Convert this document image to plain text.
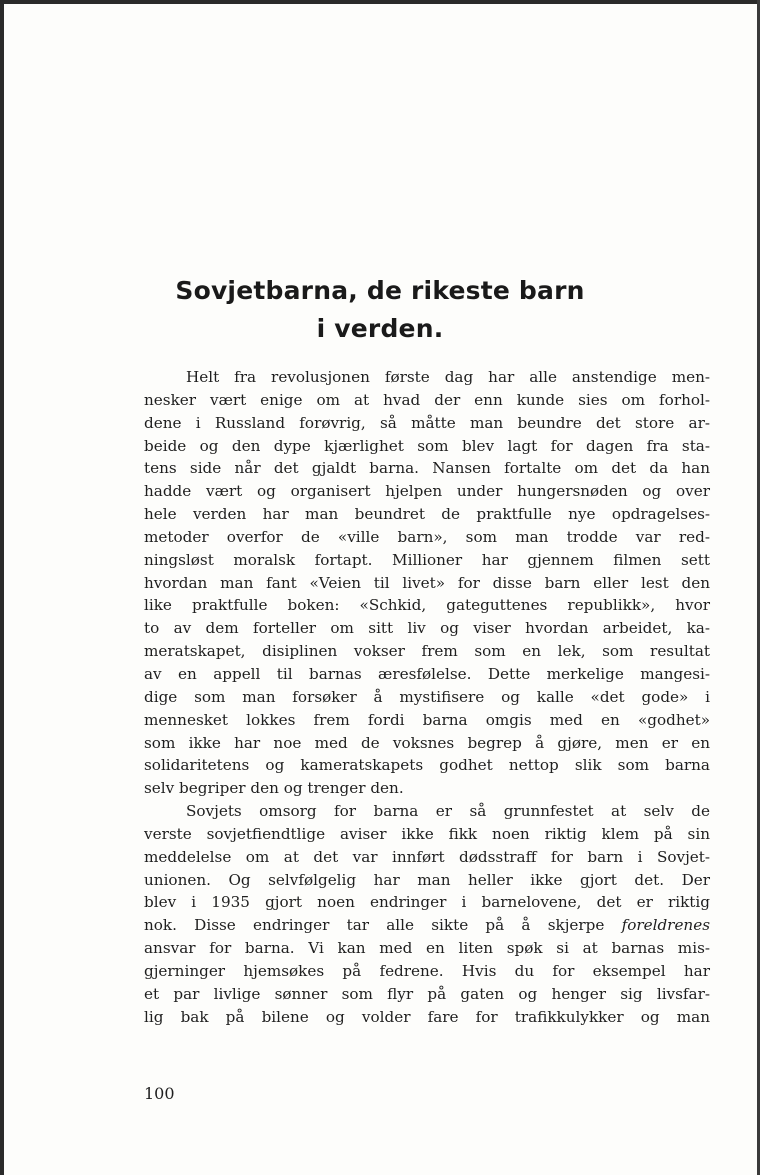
Sovjetbarna, de rikeste barn
i verden.
Helt fra revolusjonen første dag har alle anstendige men-
nesker vært enige om at hvad der enn kunde sies om forhol-
dene i Russland forøvrig, så måtte man beundre det store ar-
beide og den dype kjærlighet som blev lagt for dagen fra sta-
tens side når det gjaldt barna. Nansen fortalte om det da han
hadde vært og organisert hjelpen under hungersnøden og over
hele verden har man beundret de praktfulle nye opdragelses-
metoder overfor de «ville barn», som man trodde var red-
ningsløst moralsk fortapt. Millioner har gjennem filmen sett
hvordan man fant «Veien til livet» for disse barn eller lest den
like praktfulle boken: «Schkid, gateguttenes republikk», hvor
to av dem forteller om sitt liv og viser hvordan arbeidet, ka-
meratskapet, disiplinen vokser frem som en lek, som resultat
av en appell til barnas æresfølelse. Dette merkelige mangesi-
dige som man forsøker å mystifisere og kalle «det gode» i
mennesket lokkes frem fordi barna omgis med en «godhet»
som ikke har noe med de voksnes begrep å gjøre, men er en
solidaritetens og kameratskapets godhet nettop slik som barna
selv begriper den og trenger den.
Sovjets omsorg for barna er så grunnfestet at selv de
verste sovjetfiendtlige aviser ikke fikk noen riktig klem på sin
meddelelse om at det var innført dødsstraff for barn i Sovjet-
unionen. Og selvfølgelig har man heller ikke gjort det. Der
blev i 1935 gjort noen endringer i barnelovene, det er riktig
nok. Disse endringer tar alle sikte på å skjerpe foreldrenes
ansvar for barna. Vi kan med en liten spøk si at barnas mis-
gjerninger hjemsøkes på fedrene. Hvis du for eksempel har
et par livlige sønner som flyr på gaten og henger sig livsfar-
lig bak på bilene og volder fare for trafikkulykker og man
100
